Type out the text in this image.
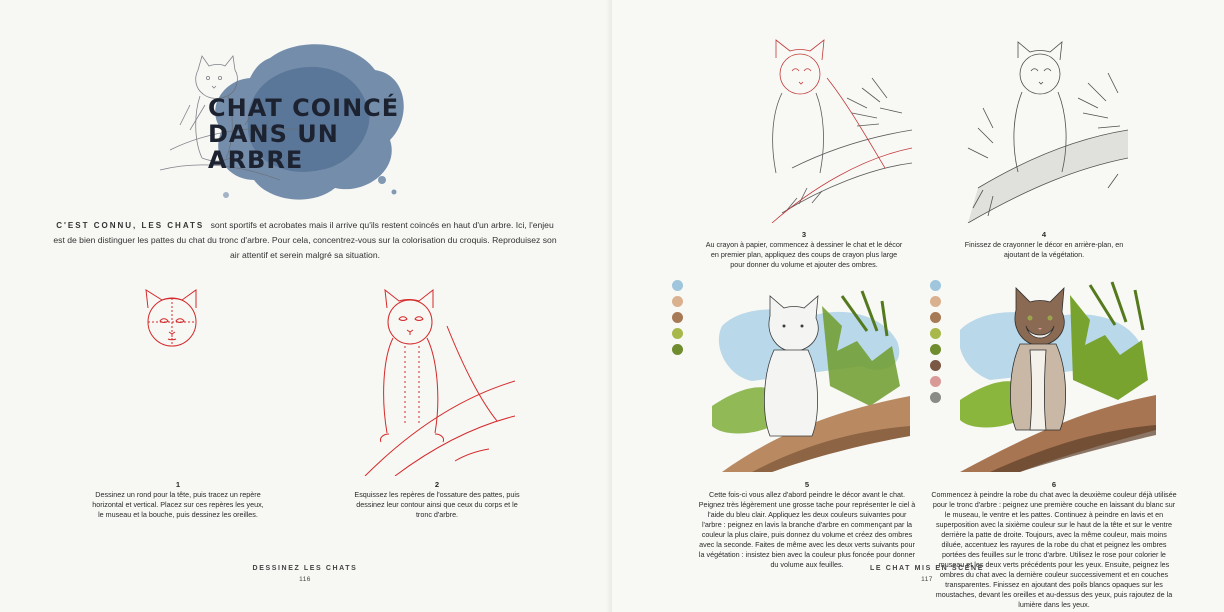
CHAT COINCÉ
DANS UN ARBRE
C'EST CONNU, LES CHATS sont sportifs et acrobates mais il arrive qu'ils restent coincés en haut d'un arbre. Ici, l'enjeu est de bien distinguer les pattes du chat du tronc d'arbre. Pour cela, concentrez-vous sur la colorisation du croquis. Reproduisez son air attentif et serein malgré sa situation.
1
Dessinez un rond pour la tête, puis tracez un repère horizontal et vertical. Placez sur ces repères les yeux, le museau et la bouche, puis dessinez les oreilles.
2
Esquissez les repères de l'ossature des pattes, puis dessinez leur contour ainsi que ceux du corps et le tronc d'arbre.
DESSINEZ LES CHATS
116
3
Au crayon à papier, commencez à dessiner le chat et le décor en premier plan, appliquez des coups de crayon plus large pour donner du volume et ajouter des ombres.
4
Finissez de crayonner le décor en arrière-plan, en ajoutant de la végétation.
5
Cette fois-ci vous allez d'abord peindre le décor avant le chat. Peignez très légèrement une grosse tache pour représenter le ciel à l'aide du bleu clair. Appliquez les deux couleurs suivantes pour l'arbre : peignez en lavis la branche d'arbre en commençant par la couleur la plus claire, puis donnez du volume et créez des ombres avec la seconde. Faites de même avec les deux verts suivants pour la végétation : insistez bien avec la couleur plus foncée pour donner du volume aux feuilles.
6
Commencez à peindre la robe du chat avec la deuxième couleur déjà utilisée pour le tronc d'arbre : peignez une première couche en laissant du blanc sur le museau, le ventre et les pattes. Continuez à peindre en lavis et en superposition avec la sixième couleur sur le haut de la tête et sur le ventre derrière la patte de droite. Toujours, avec la même couleur, mais moins diluée, accentuez les rayures de la robe du chat et peignez les ombres portées des feuilles sur le tronc d'arbre. Utilisez le rose pour colorier le museau et les deux verts précédents pour les yeux. Ensuite, peignez les ombres du chat avec la dernière couleur successivement et en couches transparentes. Finissez en ajoutant des poils blancs opaques sur les moustaches, devant les oreilles et au-dessus des yeux, puis rajoutez de la lumière dans les yeux.
LE CHAT MIS EN SCÈNE
117
